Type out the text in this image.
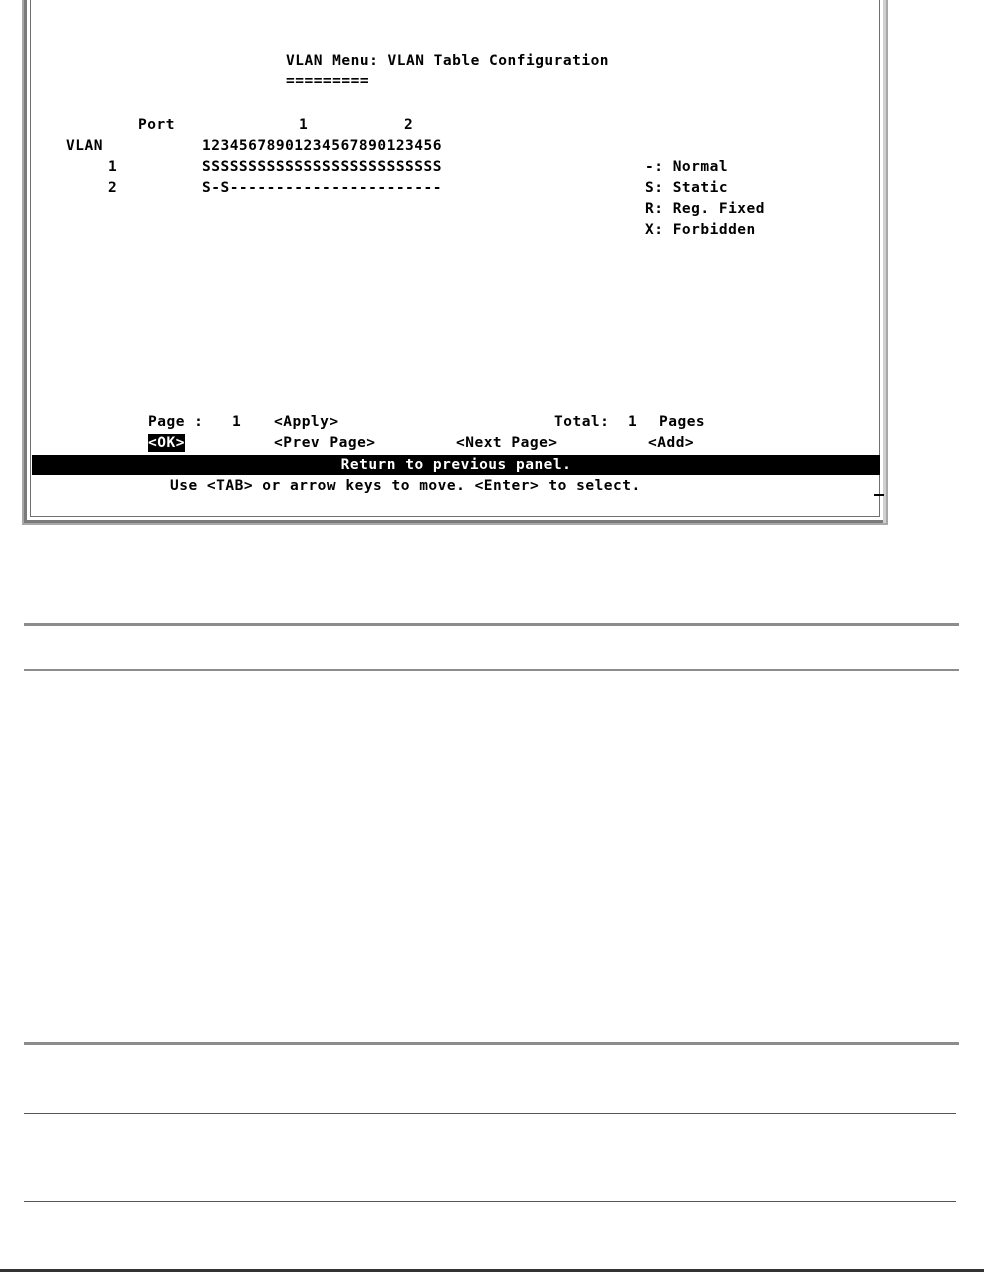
VLAN Menu: VLAN Table Configuration
=========
Port	1	2
VLAN	12345678901234567890123456
1	SSSSSSSSSSSSSSSSSSSSSSSSSS
2	S-S-----------------------
-: Normal
S: Static
R: Reg. Fixed
X: Forbidden
Page : 1 <Apply>	Total: 1 Pages
<OK>	<Prev Page>	<Next Page>	<Add>
Return to previous panel.
Use <TAB> or arrow keys to move. <Enter> to select.
